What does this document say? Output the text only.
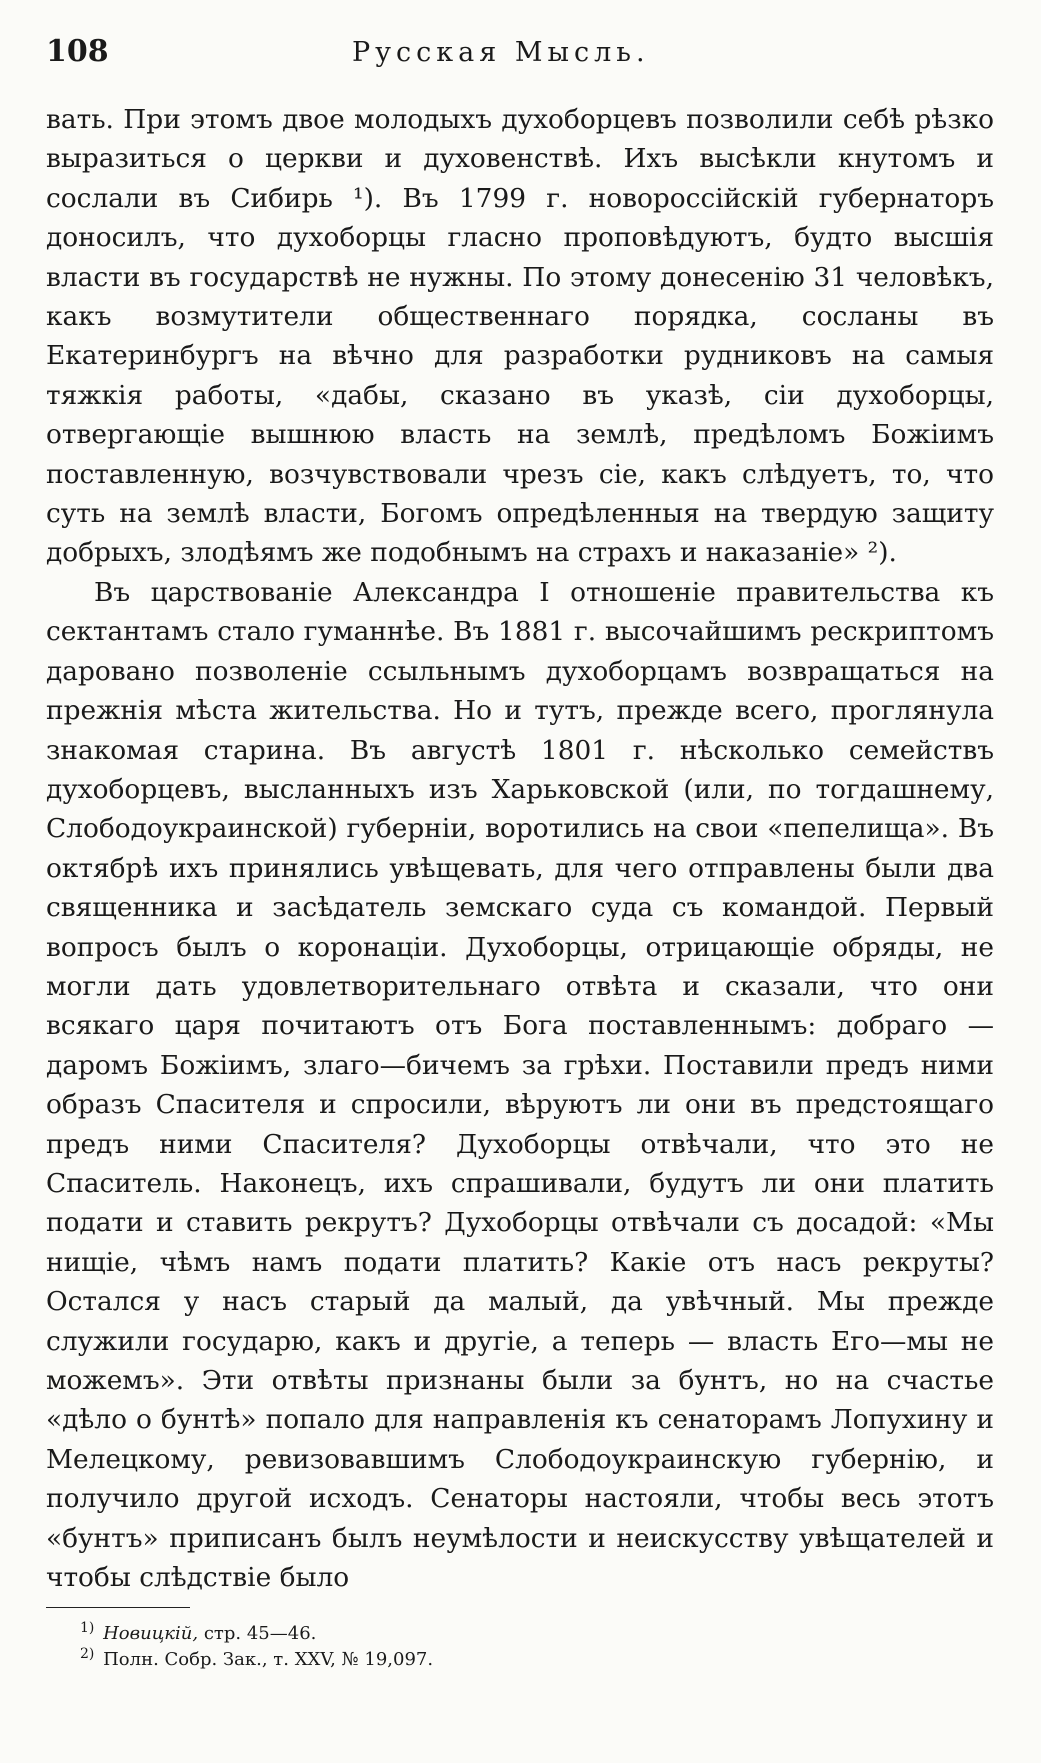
108	Русская Мысль.

вать. При этомъ двое молодыхъ духоборцевъ позволили себѣ рѣзко выразиться о церкви и духовенствѣ. Ихъ высѣкли кнутомъ и сослали въ Сибирь ¹). Въ 1799 г. новороссійскій губернаторъ доносилъ, что духоборцы гласно проповѣдуютъ, будто высшія власти въ государствѣ не нужны. По этому донесенію 31 человѣкъ, какъ возмутители общественнаго порядка, сосланы въ Екатеринбургъ на вѣчно для разработки рудниковъ на самыя тяжкія работы, «дабы, сказано въ указѣ, сіи духоборцы, отвергающіе вышнюю власть на землѣ, предѣломъ Божіимъ поставленную, возчувствовали чрезъ сіе, какъ слѣдуетъ, то, что суть на землѣ власти, Богомъ опредѣленныя на твердую защиту добрыхъ, злодѣямъ же подобнымъ на страхъ и наказаніе» ²).

Въ царствованіе Александра I отношеніе правительства къ сектантамъ стало гуманнѣе. Въ 1881 г. высочайшимъ рескриптомъ даровано позволеніе ссыльнымъ духоборцамъ возвращаться на прежнія мѣста жительства. Но и тутъ, прежде всего, проглянула знакомая старина. Въ августѣ 1801 г. нѣсколько семействъ духоборцевъ, высланныхъ изъ Харьковской (или, по тогдашнему, Слободоукраинской) губерніи, воротились на свои «пепелища». Въ октябрѣ ихъ принялись увѣщевать, для чего отправлены были два священника и засѣдатель земскаго суда съ командой. Первый вопросъ былъ о коронаціи. Духоборцы, отрицающіе обряды, не могли дать удовлетворительнаго отвѣта и сказали, что они всякаго царя почитаютъ отъ Бога поставленнымъ: добраго — даромъ Божіимъ, злаго—бичемъ за грѣхи. Поставили предъ ними образъ Спасителя и спросили, вѣруютъ ли они въ предстоящаго предъ ними Спасителя? Духоборцы отвѣчали, что это не Спаситель. Наконецъ, ихъ спрашивали, будутъ ли они платить подати и ставить рекрутъ? Духоборцы отвѣчали съ досадой: «Мы нищіе, чѣмъ намъ подати платить? Какіе отъ насъ рекруты? Остался у насъ старый да малый, да увѣчный. Мы прежде служили государю, какъ и другіе, а теперь — власть Его—мы не можемъ». Эти отвѣты признаны были за бунтъ, но на счастье «дѣло о бунтѣ» попало для направленія къ сенаторамъ Лопухину и Мелецкому, ревизовавшимъ Слободоукраинскую губернію, и получило другой исходъ. Сенаторы настояли, чтобы весь этотъ «бунтъ» приписанъ былъ неумѣлости и неискусству увѣщателей и чтобы слѣдствіе было

$^{1)}$ Новицкій, стр. 45—46.
$^{2)}$ Полн. Собр. Зак., т. XXV, № 19,097.
